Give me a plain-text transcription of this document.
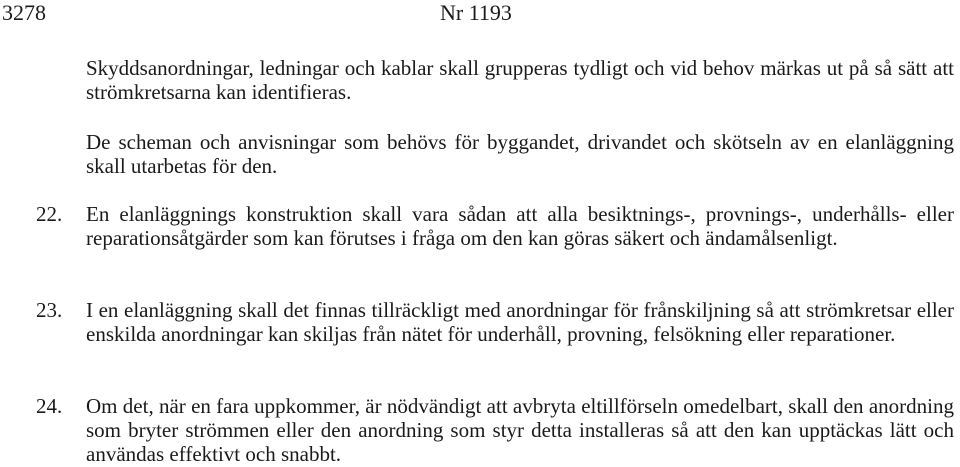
3278	Nr 1193
Skyddsanordningar, ledningar och kablar skall grupperas tydligt och vid behov märkas ut på så sätt att strömkretsarna kan identifieras.
De scheman och anvisningar som behövs för byggandet, drivandet och skötseln av en elanläggning skall utarbetas för den.
22.	En elanläggnings konstruktion skall vara sådan att alla besiktnings-, provnings-, underhålls- eller reparationsåtgärder som kan förutses i fråga om den kan göras säkert och ändamålsenligt.
23.	I en elanläggning skall det finnas tillräckligt med anordningar för frånskiljning så att strömkretsar eller enskilda anordningar kan skiljas från nätet för underhåll, provning, felsökning eller reparationer.
24.	Om det, när en fara uppkommer, är nödvändigt att avbryta eltillförseln omedelbart, skall den anordning som bryter strömmen eller den anordning som styr detta installeras så att den kan upptäckas lätt och användas effektivt och snabbt.
